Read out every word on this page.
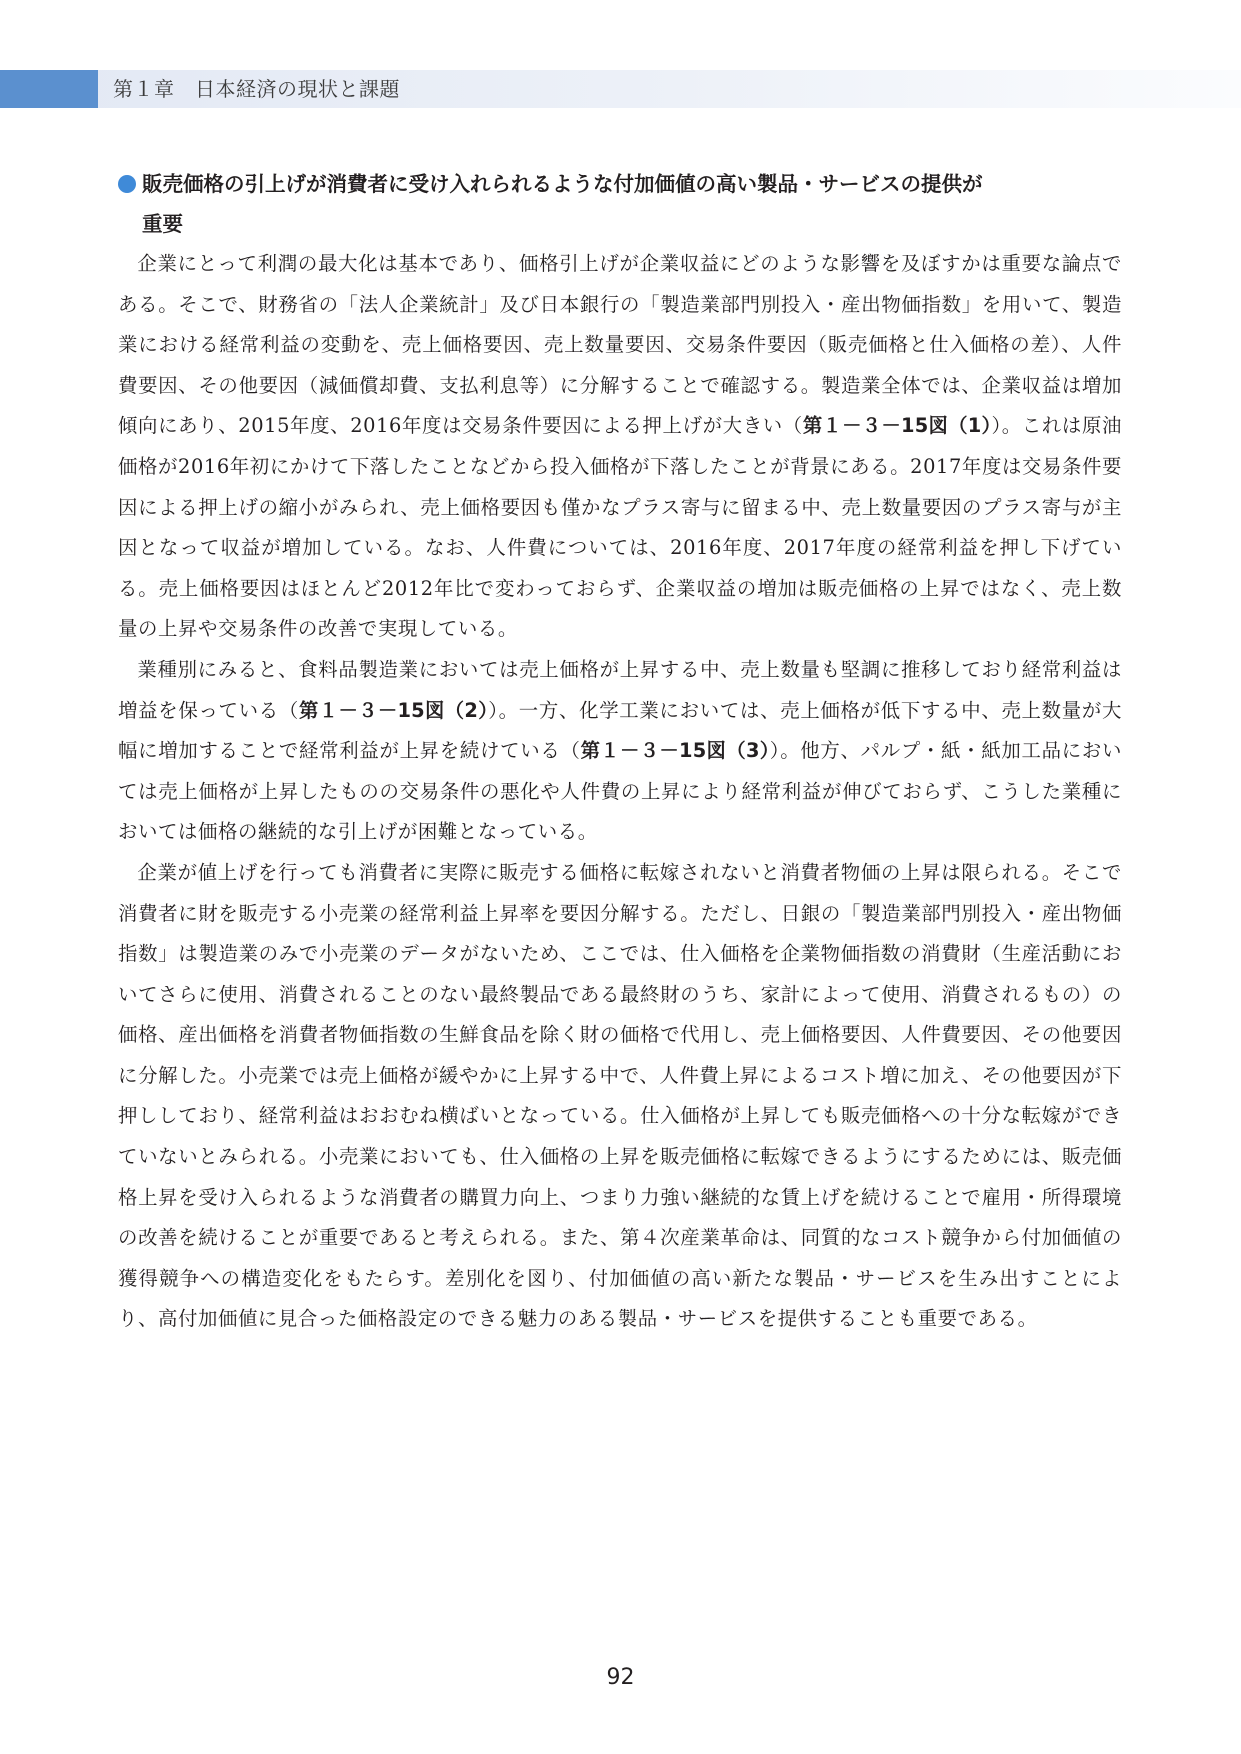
第１章　日本経済の現状と課題
販売価格の引上げが消費者に受け入れられるような付加価値の高い製品・サービスの提供が
重要

企業にとって利潤の最大化は基本であり、価格引上げが企業収益にどのような影響を及ぼすかは重要な論点である。そこで、財務省の「法人企業統計」及び日本銀行の「製造業部門別投入・産出物価指数」を用いて、製造業における経常利益の変動を、売上価格要因、売上数量要因、交易条件要因（販売価格と仕入価格の差）、人件費要因、その他要因（減価償却費、支払利息等）に分解することで確認する。製造業全体では、企業収益は増加傾向にあり、2015年度、2016年度は交易条件要因による押上げが大きい（第１－３－15図（1））。これは原油価格が2016年初にかけて下落したことなどから投入価格が下落したことが背景にある。2017年度は交易条件要因による押上げの縮小がみられ、売上価格要因も僅かなプラス寄与に留まる中、売上数量要因のプラス寄与が主因となって収益が増加している。なお、人件費については、2016年度、2017年度の経常利益を押し下げている。売上価格要因はほとんど2012年比で変わっておらず、企業収益の増加は販売価格の上昇ではなく、売上数量の上昇や交易条件の改善で実現している。

業種別にみると、食料品製造業においては売上価格が上昇する中、売上数量も堅調に推移しており経常利益は増益を保っている（第１－３－15図（2））。一方、化学工業においては、売上価格が低下する中、売上数量が大幅に増加することで経常利益が上昇を続けている（第１－３－15図（3））。他方、パルプ・紙・紙加工品においては売上価格が上昇したものの交易条件の悪化や人件費の上昇により経常利益が伸びておらず、こうした業種においては価格の継続的な引上げが困難となっている。

企業が値上げを行っても消費者に実際に販売する価格に転嫁されないと消費者物価の上昇は限られる。そこで消費者に財を販売する小売業の経常利益上昇率を要因分解する。ただし、日銀の「製造業部門別投入・産出物価指数」は製造業のみで小売業のデータがないため、ここでは、仕入価格を企業物価指数の消費財（生産活動においてさらに使用、消費されることのない最終製品である最終財のうち、家計によって使用、消費されるもの）の価格、産出価格を消費者物価指数の生鮮食品を除く財の価格で代用し、売上価格要因、人件費要因、その他要因に分解した。小売業では売上価格が緩やかに上昇する中で、人件費上昇によるコスト増に加え、その他要因が下押ししており、経常利益はおおむね横ばいとなっている。仕入価格が上昇しても販売価格への十分な転嫁ができていないとみられる。小売業においても、仕入価格の上昇を販売価格に転嫁できるようにするためには、販売価格上昇を受け入られるような消費者の購買力向上、つまり力強い継続的な賃上げを続けることで雇用・所得環境の改善を続けることが重要であると考えられる。また、第４次産業革命は、同質的なコスト競争から付加価値の獲得競争への構造変化をもたらす。差別化を図り、付加価値の高い新たな製品・サービスを生み出すことにより、高付加価値に見合った価格設定のできる魅力のある製品・サービスを提供することも重要である。

92
